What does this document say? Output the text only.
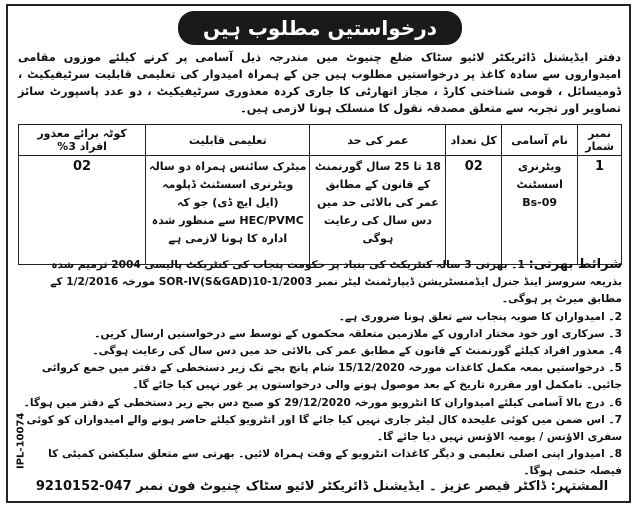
درخواستیں مطلوب ہیں
دفتر ایڈیشنل ڈائریکٹر لائیو سٹاک ضلع چنیوٹ میں مندرجہ ذیل آسامی پر کرنے کیلئے موزوں مقامی امیدواروں سے سادہ کاغذ پر درخواستیں مطلوب ہیں جن کے ہمراہ امیدوار کی تعلیمی قابلیت سرٹیفیکیٹ ، ڈومیسائل ، قومی شناختی کارڈ ، مجاز اتھارٹی کا جاری کردہ معذوری سرٹیفیکیٹ ، دو عدد پاسپورٹ سائز تصاویر اور تجربہ سے متعلق مصدقہ نقول کا منسلک ہونا لازمی ہیں۔
نمبر شمار	نام آسامی	کل تعداد	عمر کی حد	تعلیمی قابلیت	کوٹہ برائے معذور افراد 3%
1	ویٹرنری اسسٹنٹ Bs-09	02	18 تا 25 سال گورنمنٹ کے قانون کے مطابق عمر کی بالائی حد میں دس سال کی رعایت ہوگی	میٹرک سائنس ہمراہ دو سالہ ویٹرنری اسسٹنٹ ڈپلومہ (ایل ایچ ڈی) جو کہ HEC/PVMC سے منظور شدہ ادارہ کا ہونا لازمی ہے	02
شرائط بھرتی:

1۔ بھرتی 3 سالہ کنٹریکٹ کی بنیاد پر حکومت پنجاب کی کنٹریکٹ پالیسی 2004 ترمیم شدہ بذریعہ سروسز اینڈ جنرل ایڈمنسٹریشن ڈیپارٹمنٹ لیٹر نمبر SOR-IV(S&GAD)10-1/2003 مورخہ 1/2/2016 کے مطابق میرٹ پر ہوگی۔

2۔ امیدواران کا صوبہ پنجاب سے تعلق ہونا ضروری ہے۔

3۔ سرکاری اور خود مختار اداروں کے ملازمین متعلقہ محکموں کے توسط سے درخواستیں ارسال کریں۔

4۔ معذور افراد کیلئے گورنمنٹ کے قانون کے مطابق عمر کی بالائی حد میں دس سال کی رعایت ہوگی۔

5۔ درخواستیں بمعہ مکمل کاغذات مورخہ 15/12/2020 شام پانچ بجے تک زیر دستخطی کے دفتر میں جمع کروائی جائیں۔ نامکمل اور مقررہ تاریخ کے بعد موصول ہونے والی درخواستوں پر غور نہیں کیا جائے گا۔

6۔ درج بالا آسامی کیلئے امیدواران کا انٹرویو مورخہ 29/12/2020 کو صبح دس بجے زیر دستخطی کے دفتر میں ہوگا۔

7۔ اس ضمن میں کوئی علیحدہ کال لیٹر جاری نہیں کیا جائے گا اور انٹرویو کیلئے حاضر ہونے والے امیدواران کو کوئی سفری الاؤنس / یومیہ الاؤنس نہیں دیا جائے گا۔

8۔ امیدوار اپنی اصلی تعلیمی و دیگر کاغذات انٹرویو کے وقت ہمراہ لائیں۔ بھرتی سے متعلق سلیکشن کمیٹی کا فیصلہ حتمی ہوگا۔

المشتہر: ڈاکٹر قیصر عزیز ۔ ایڈیشنل ڈائریکٹر لائیو سٹاک چنیوٹ فون نمبر 047-9210152
IPL-10074
